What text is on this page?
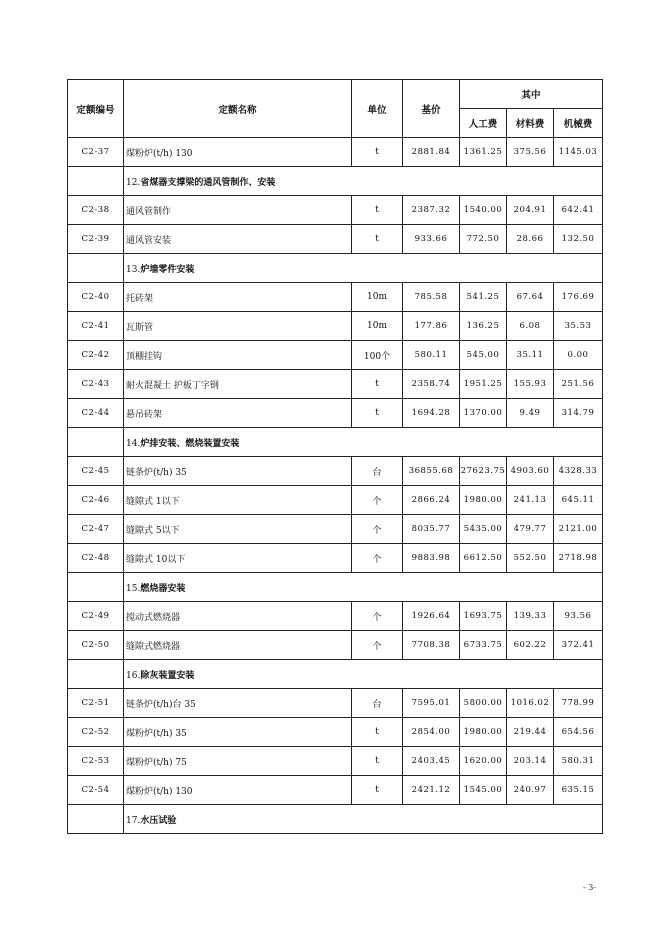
定额编号	定额名称	单位	基价	其中		
				人工费	材料费	机械费
C2-37	煤粉炉(t/h) 130	t	2881.84	1361.25	375.56	1145.03
	12.省煤器支撑梁的通风管制作、安装					
C2-38	通风管制作	t	2387.32	1540.00	204.91	642.41
C2-39	通风管安装	t	933.66	772.50	28.66	132.50
	13.炉墙零件安装					
C2-40	托砖架	10m	785.58	541.25	67.64	176.69
C2-41	瓦斯管	10m	177.86	136.25	6.08	35.53
C2-42	顶棚挂钩	100个	580.11	545.00	35.11	0.00
C2-43	耐火混凝土 护板丁字钢	t	2358.74	1951.25	155.93	251.56
C2-44	悬吊砖架	t	1694.28	1370.00	9.49	314.79
	14.炉排安装、燃烧装置安装					
C2-45	链条炉(t/h) 35	台	36855.68	27623.75	4903.60	4328.33
C2-46	缝隙式 1以下	个	2866.24	1980.00	241.13	645.11
C2-47	缝隙式 5以下	个	8035.77	5435.00	479.77	2121.00
C2-48	缝隙式 10以下	个	9883.98	6612.50	552.50	2718.98
	15.燃烧器安装					
C2-49	搅动式燃烧器	个	1926.64	1693.75	139.33	93.56
C2-50	缝隙式燃烧器	个	7708.38	6733.75	602.22	372.41
	16.除灰装置安装					
C2-51	链条炉(t/h)台 35	台	7595.01	5800.00	1016.02	778.99
C2-52	煤粉炉(t/h) 35	t	2854.00	1980.00	219.44	654.56
C2-53	煤粉炉(t/h) 75	t	2403.45	1620.00	203.14	580.31
C2-54	煤粉炉(t/h) 130	t	2421.12	1545.00	240.97	635.15
	17.水压试验					
- 3-
